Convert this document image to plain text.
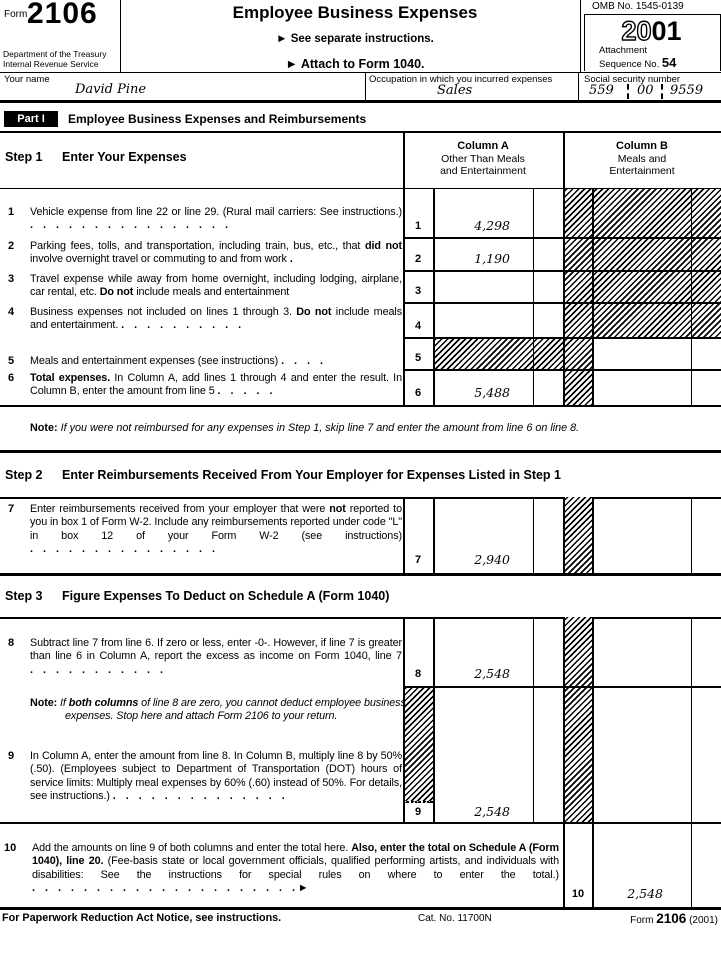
Form 2106
Department of the Treasury
Internal Revenue Service
Employee Business Expenses
► See separate instructions.
► Attach to Form 1040.
OMB No. 1545-0139
2001
Attachment
Sequence No. 54
Your name
David Pine
Occupation in which you incurred expenses
Sales
Social security number
559 00 9559
Part I	Employee Business Expenses and Reimbursements
Step 1 Enter Your Expenses
Column A
Other Than Meals
and Entertainment
Column B
Meals and
Entertainment
1	Vehicle expense from line 22 or line 29. (Rural mail carriers: See instructions.) . . . . . . . . . . . . . . . .	1	4,298
2	Parking fees, tolls, and transportation, including train, bus, etc., that did not involve overnight travel or commuting to and from work .	2	1,190
3	Travel expense while away from home overnight, including lodging, airplane, car rental, etc. Do not include meals and entertainment	3
4	Business expenses not included on lines 1 through 3. Do not include meals and entertainment. . . . . . . . . . .	4
5	Meals and entertainment expenses (see instructions) . . . .	5
6	Total expenses. In Column A, add lines 1 through 4 and enter the result. In Column B, enter the amount from line 5 . . . . .	6	5,488
Note: If you were not reimbursed for any expenses in Step 1, skip line 7 and enter the amount from line 6 on line 8.
Step 2 Enter Reimbursements Received From Your Employer for Expenses Listed in Step 1
7	Enter reimbursements received from your employer that were not reported to you in box 1 of Form W-2. Include any reimbursements reported under code "L" in box 12 of your Form W-2 (see instructions) . . . . . . . . . . . . . . .
7	2,940
Step 3 Figure Expenses To Deduct on Schedule A (Form 1040)
8	Subtract line 7 from line 6. If zero or less, enter -0-. However, if line 7 is greater than line 6 in Column A, report the excess as income on Form 1040, line 7 . . . . . . . . . . .	8	2,548
Note: If both columns of line 8 are zero, you cannot deduct employee business expenses. Stop here and attach Form 2106 to your return.
9	In Column A, enter the amount from line 8. In Column B, multiply line 8 by 50% (.50). (Employees subject to Department of Transportation (DOT) hours of service limits: Multiply meal expenses by 60% (.60) instead of 50%. For details, see instructions.) . . . . . . . . . . . . . .
9	2,548
10	Add the amounts on line 9 of both columns and enter the total here. Also, enter the total on Schedule A (Form 1040), line 20. (Fee-basis state or local government officials, qualified performing artists, and individuals with disabilities: See the instructions for special rules on where to enter the total.) . . . . . . . . . . . . . . . . . . . . . ►	10	2,548
For Paperwork Reduction Act Notice, see instructions.	Cat. No. 11700N	Form 2106 (2001)
